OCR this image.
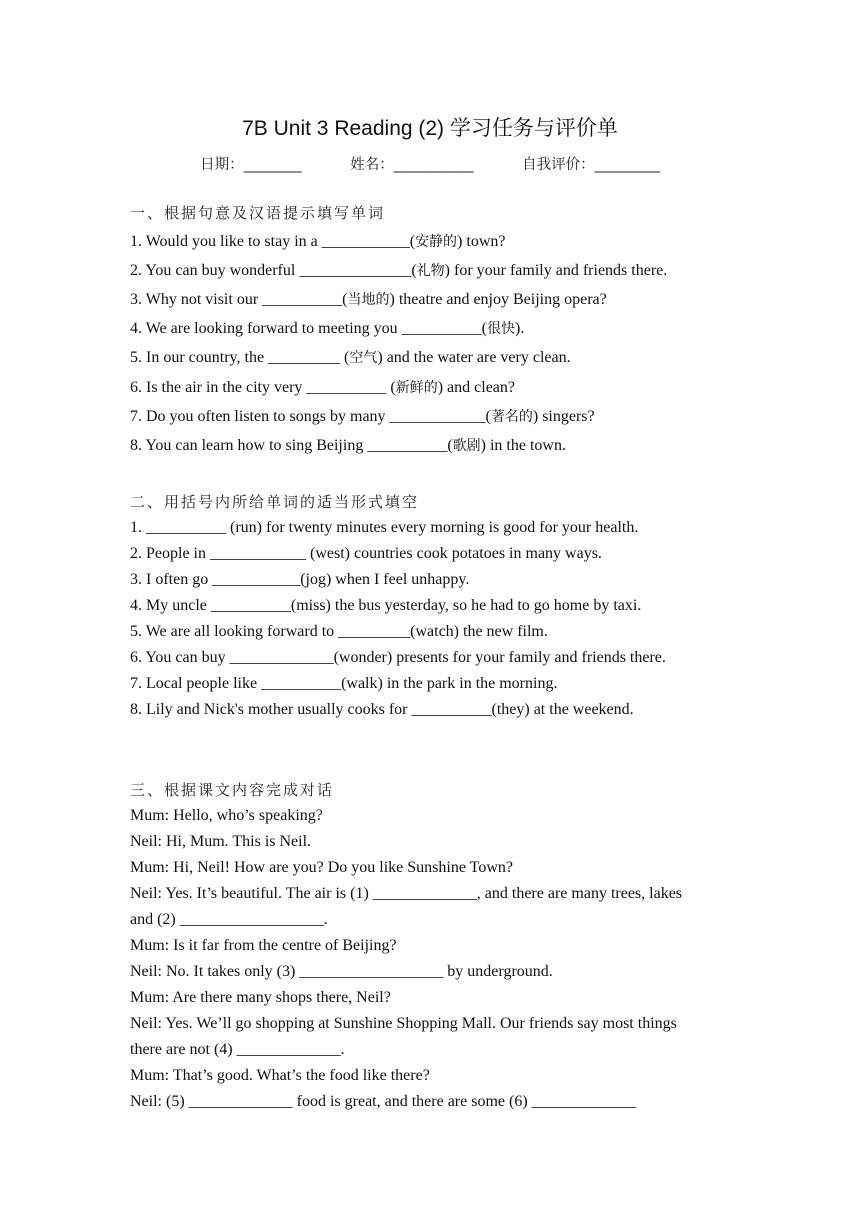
7B Unit 3 Reading (2) 学习任务与评价单
日期：________	姓名：___________	自我评价：_________
一、根据句意及汉语提示填写单词
1. Would you like to stay in a ___________(安静的) town?
2. You can buy wonderful ______________(礼物) for your family and friends there.
3. Why not visit our __________(当地的) theatre and enjoy Beijing opera?
4. We are looking forward to meeting you __________(很快).
5. In our country, the _________ (空气) and the water are very clean.
6. Is the air in the city very __________ (新鲜的) and clean?
7. Do you often listen to songs by many ____________(著名的) singers?
8. You can learn how to sing Beijing __________(歌剧) in the town.
二、用括号内所给单词的适当形式填空
1. __________ (run) for twenty minutes every morning is good for your health.
2. People in ____________ (west) countries cook potatoes in many ways.
3. I often go ___________(jog) when I feel unhappy.
4. My uncle __________(miss) the bus yesterday, so he had to go home by taxi.
5. We are all looking forward to _________(watch) the new film.
6. You can buy _____________(wonder) presents for your family and friends there.
7. Local people like __________(walk) in the park in the morning.
8. Lily and Nick's mother usually cooks for __________(they) at the weekend.
三、根据课文内容完成对话
Mum: Hello, who’s speaking?
Neil: Hi, Mum. This is Neil.
Mum: Hi, Neil! How are you? Do you like Sunshine Town?
Neil: Yes. It’s beautiful. The air is (1) _____________, and there are many trees, lakes
and (2) __________________.
Mum: Is it far from the centre of Beijing?
Neil: No. It takes only (3) __________________ by underground.
Mum: Are there many shops there, Neil?
Neil: Yes. We’ll go shopping at Sunshine Shopping Mall. Our friends say most things
there are not (4) _____________.
Mum: That’s good. What’s the food like there?
Neil: (5) _____________ food is great, and there are some (6) _____________
